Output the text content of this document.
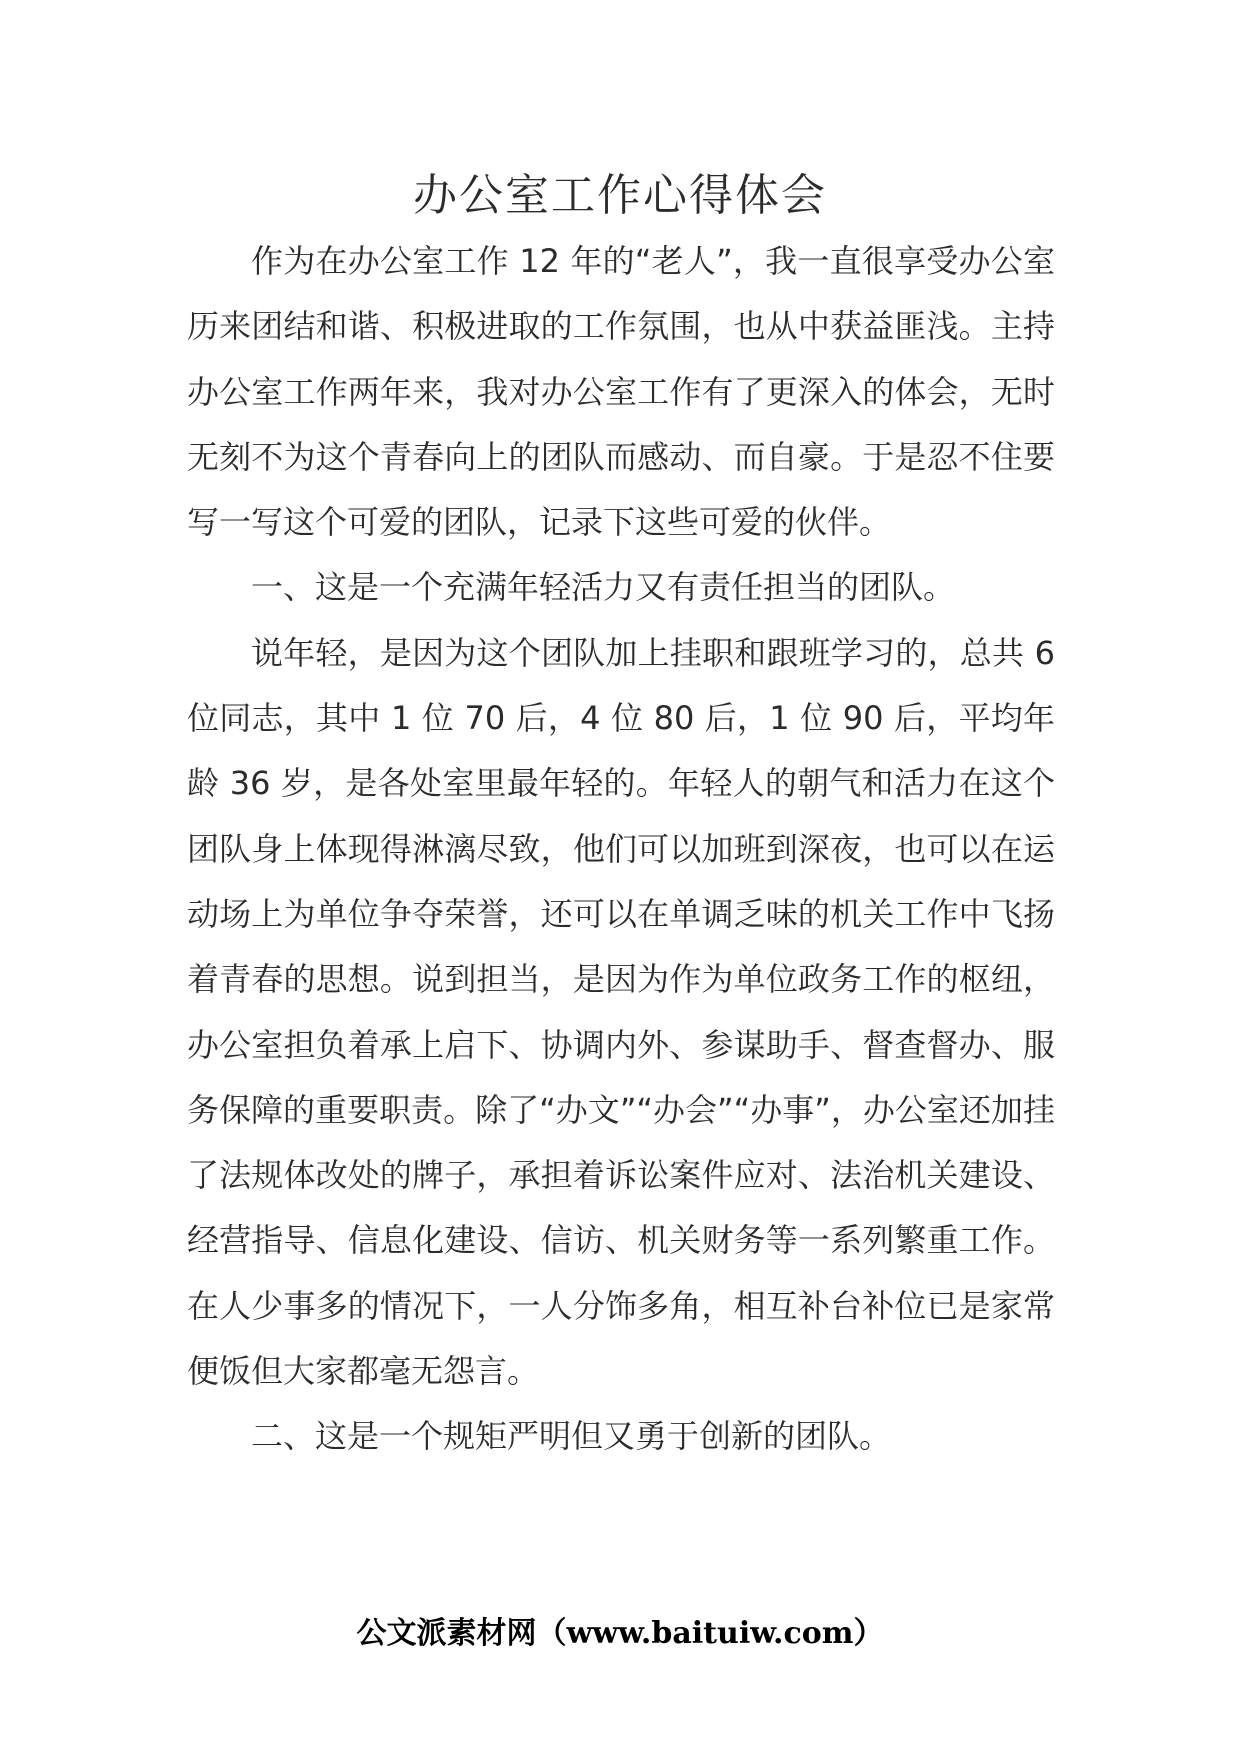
办公室工作心得体会

作为在办公室工作 12 年的“老人”，我一直很享受办公室历来团结和谐、积极进取的工作氛围，也从中获益匪浅。主持办公室工作两年来，我对办公室工作有了更深入的体会，无时无刻不为这个青春向上的团队而感动、而自豪。于是忍不住要写一写这个可爱的团队，记录下这些可爱的伙伴。

一、这是一个充满年轻活力又有责任担当的团队。

说年轻，是因为这个团队加上挂职和跟班学习的，总共 6 位同志，其中 1 位 70 后，4 位 80 后，1 位 90 后，平均年龄 36 岁，是各处室里最年轻的。年轻人的朝气和活力在这个团队身上体现得淋漓尽致，他们可以加班到深夜，也可以在运动场上为单位争夺荣誉，还可以在单调乏味的机关工作中飞扬着青春的思想。说到担当，是因为作为单位政务工作的枢纽，办公室担负着承上启下、协调内外、参谋助手、督查督办、服务保障的重要职责。除了“办文”“办会”“办事”，办公室还加挂了法规体改处的牌子，承担着诉讼案件应对、法治机关建设、经营指导、信息化建设、信访、机关财务等一系列繁重工作。在人少事多的情况下，一人分饰多角，相互补台补位已是家常便饭但大家都毫无怨言。

二、这是一个规矩严明但又勇于创新的团队。

公文派素材网（www.baituiw.com）
